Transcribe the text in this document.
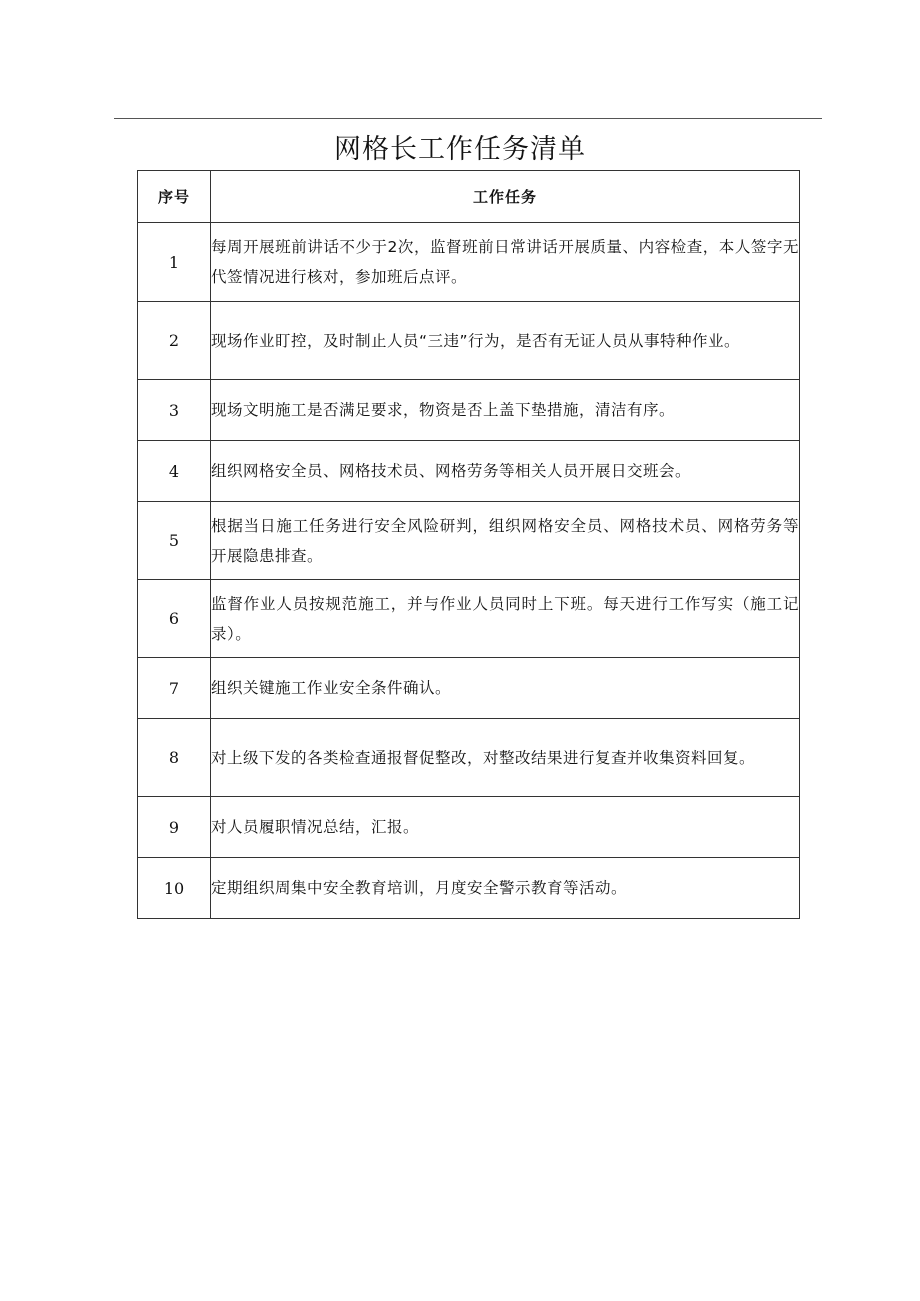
网格长工作任务清单
序号	工作任务
1	每周开展班前讲话不少于2次，监督班前日常讲话开展质量、内容检查，本人签字无代签情况进行核对，参加班后点评。
2	现场作业盯控，及时制止人员“三违”行为，是否有无证人员从事特种作业。
3	现场文明施工是否满足要求，物资是否上盖下垫措施，清洁有序。
4	组织网格安全员、网格技术员、网格劳务等相关人员开展日交班会。
5	根据当日施工任务进行安全风险研判，组织网格安全员、网格技术员、网格劳务等开展隐患排查。
6	监督作业人员按规范施工，并与作业人员同时上下班。每天进行工作写实（施工记录）。
7	组织关键施工作业安全条件确认。
8	对上级下发的各类检查通报督促整改，对整改结果进行复查并收集资料回复。
9	对人员履职情况总结，汇报。
10	定期组织周集中安全教育培训，月度安全警示教育等活动。
